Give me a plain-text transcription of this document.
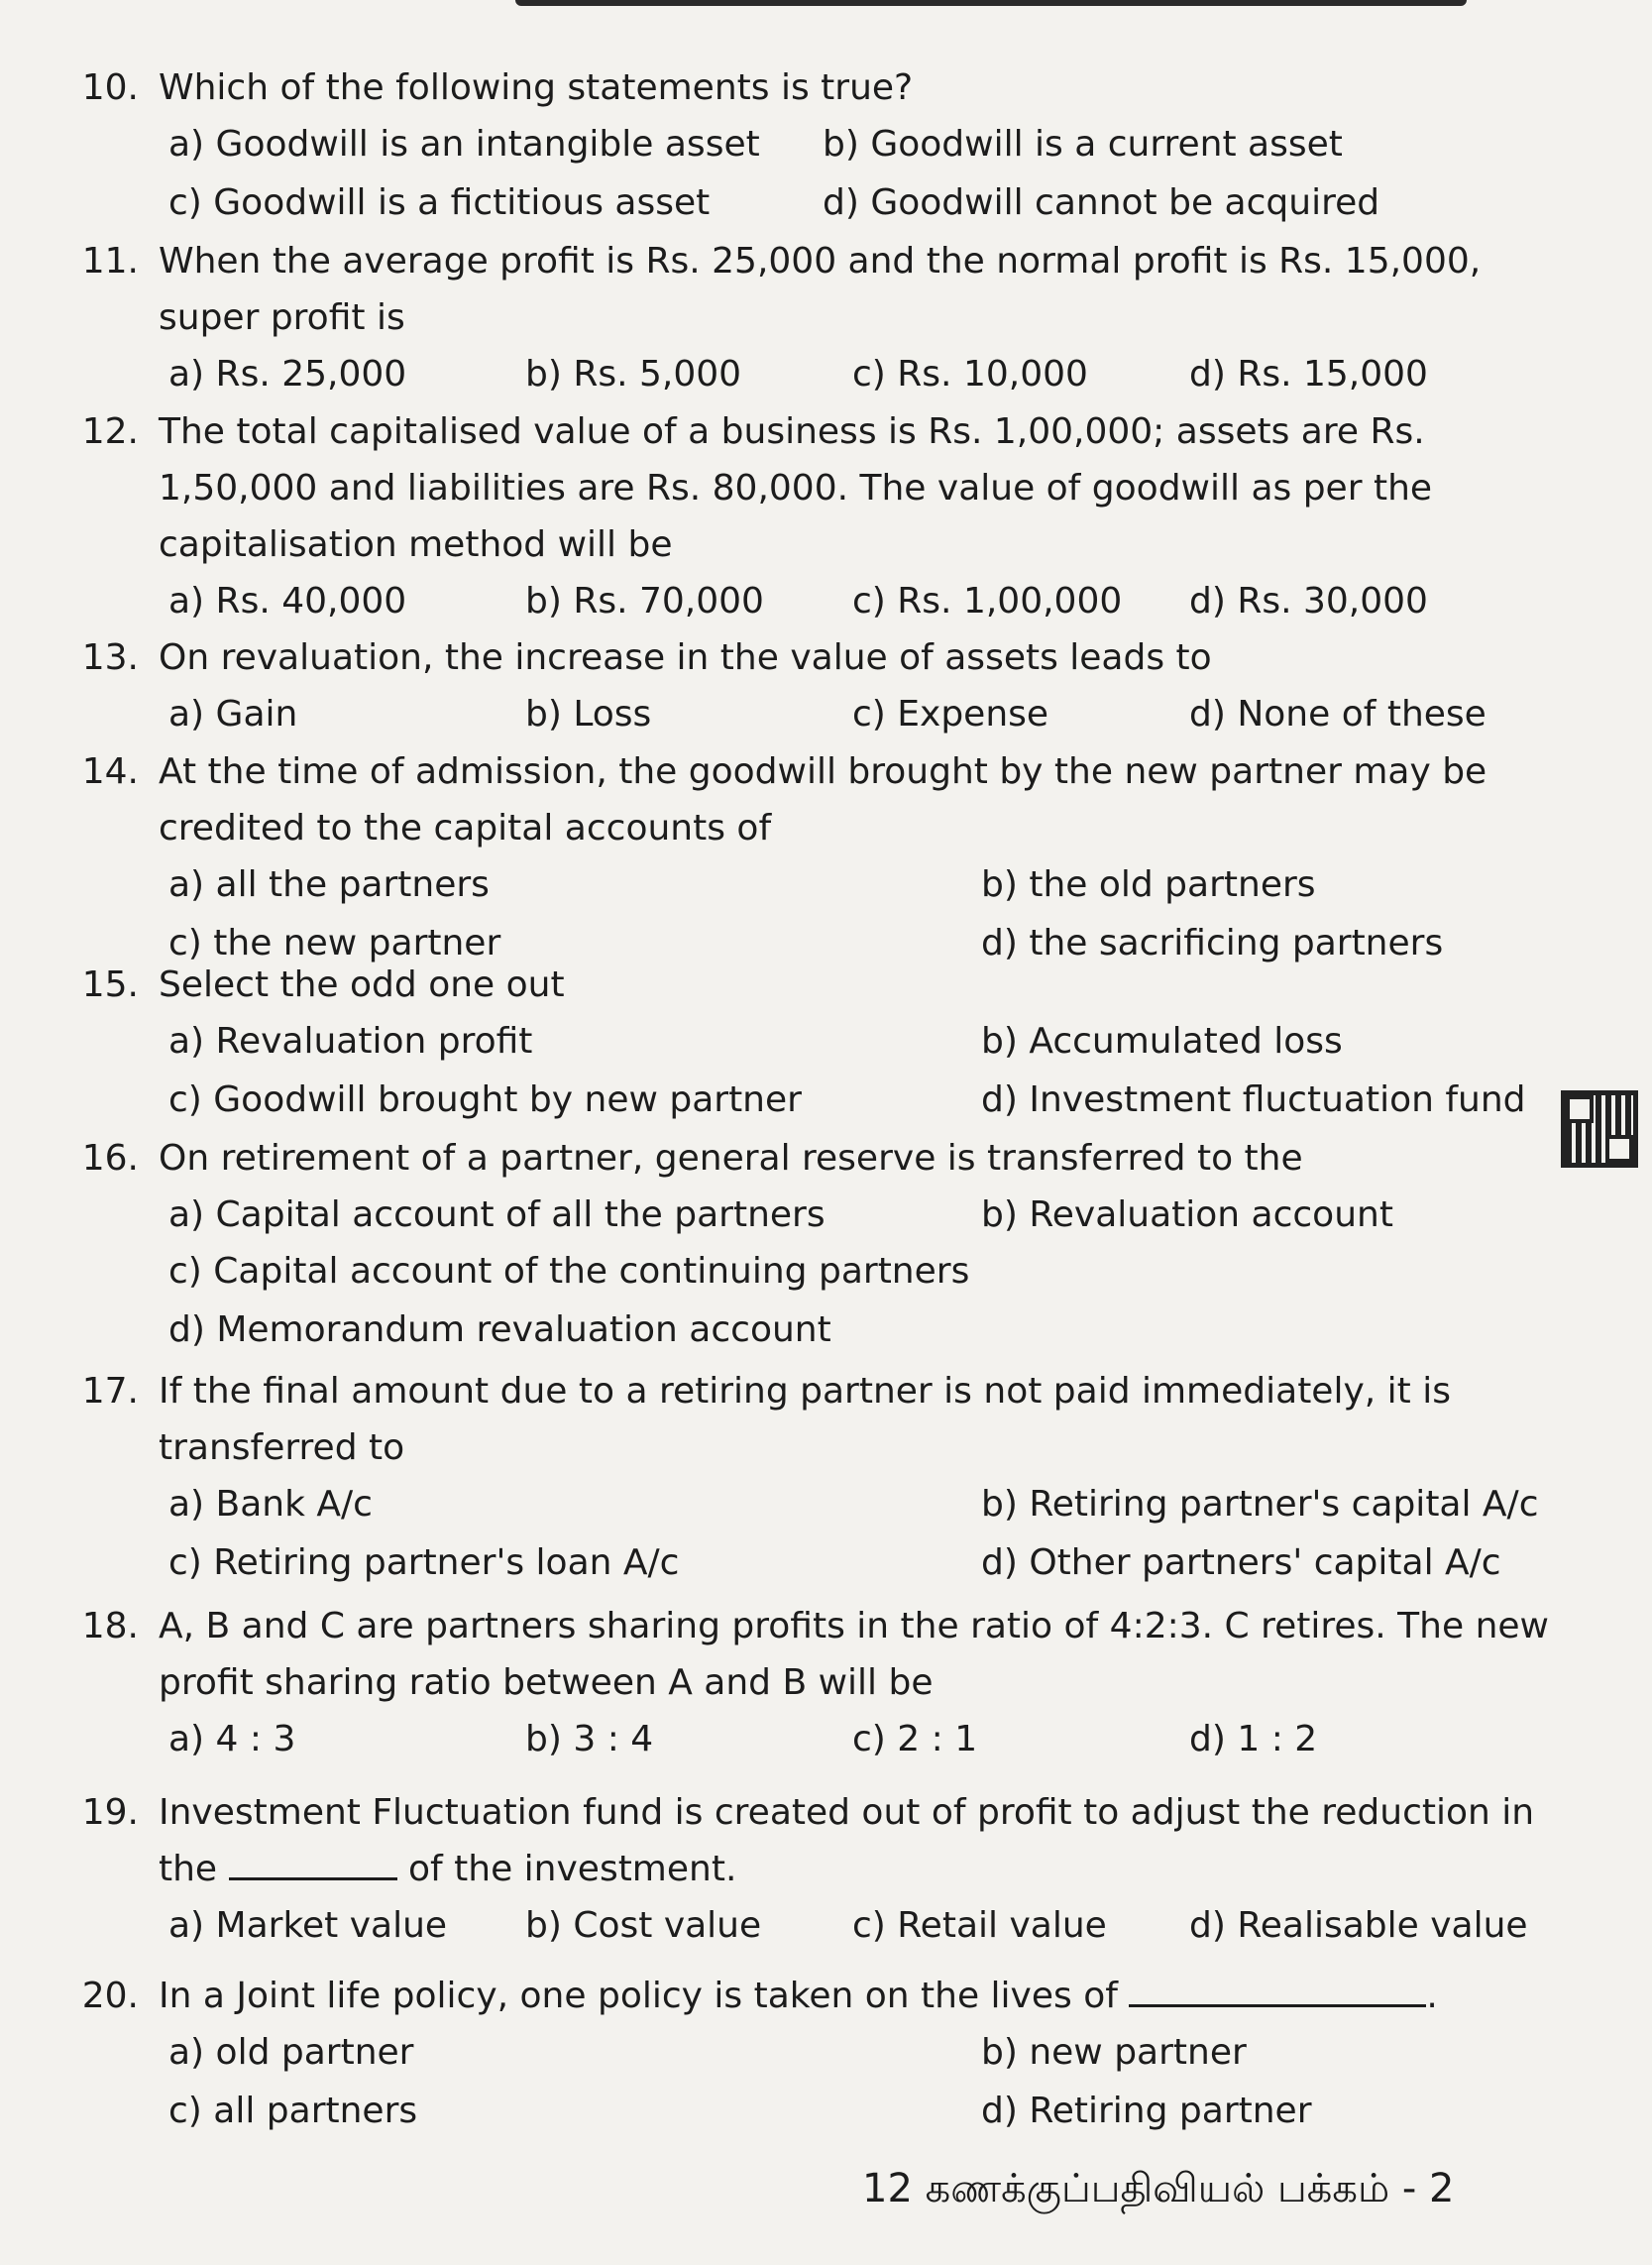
10. Which of the following statements is true?
a) Goodwill is an intangible asset	b) Goodwill is a current asset
c) Goodwill is a fictitious asset	d) Goodwill cannot be acquired
11. When the average profit is Rs. 25,000 and the normal profit is Rs. 15,000, super profit is
a) Rs. 25,000	b) Rs. 5,000	c) Rs. 10,000	d) Rs. 15,000
12. The total capitalised value of a business is Rs. 1,00,000; assets are Rs. 1,50,000 and liabilities are Rs. 80,000. The value of goodwill as per the capitalisation method will be
a) Rs. 40,000	b) Rs. 70,000	c) Rs. 1,00,000	d) Rs. 30,000
13. On revaluation, the increase in the value of assets leads to
a) Gain	b) Loss	c) Expense	d) None of these
14. At the time of admission, the goodwill brought by the new partner may be credited to the capital accounts of
a) all the partners	b) the old partners
c) the new partner	d) the sacrificing partners
15. Select the odd one out
a) Revaluation profit	b) Accumulated loss
c) Goodwill brought by new partner	d) Investment fluctuation fund
16. On retirement of a partner, general reserve is transferred to the
a) Capital account of all the partners	b) Revaluation account
c) Capital account of the continuing partners
d) Memorandum revaluation account
17. If the final amount due to a retiring partner is not paid immediately, it is transferred to
a) Bank A/c	b) Retiring partner's capital A/c
c) Retiring partner's loan A/c	d) Other partners' capital A/c
18. A, B and C are partners sharing profits in the ratio of 4:2:3. C retires. The new profit sharing ratio between A and B will be
a) 4 : 3	b) 3 : 4	c) 2 : 1	d) 1 : 2
19. Investment Fluctuation fund is created out of profit to adjust the reduction in the	of the investment.
a) Market value	b) Cost value	c) Retail value	d) Realisable value
20. In a Joint life policy, one policy is taken on the lives of	.
a) old partner	b) new partner
c) all partners	d) Retiring partner
12 கணக்குப்பதிவியல் பக்கம் - 2
